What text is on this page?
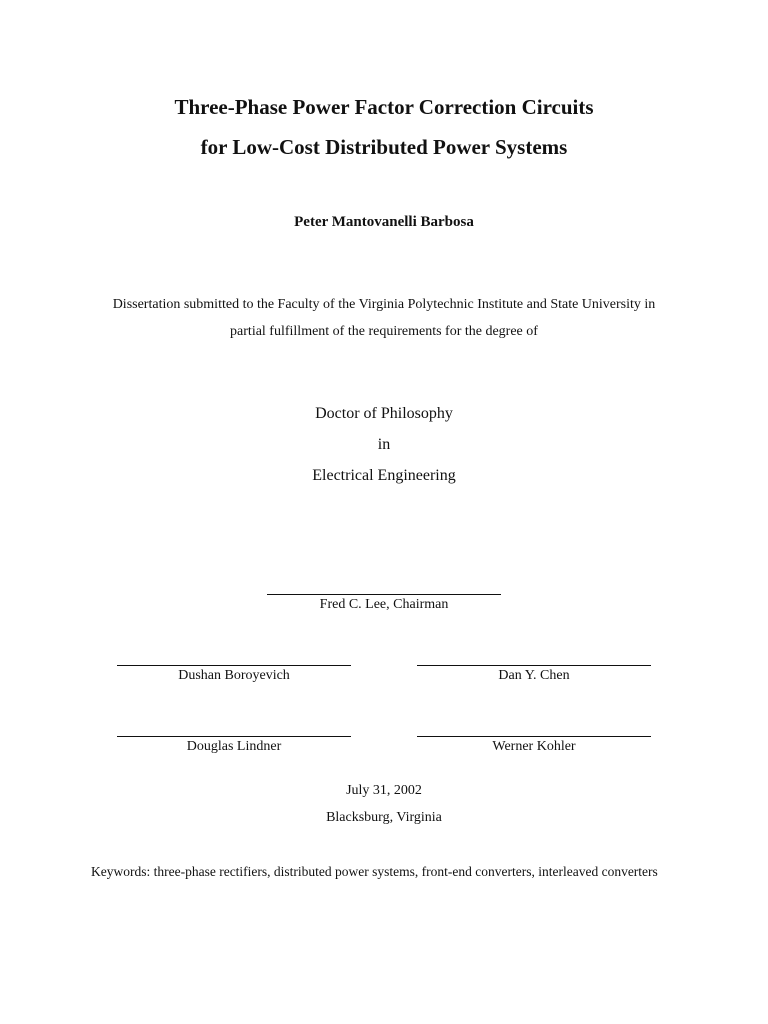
Three-Phase Power Factor Correction Circuits
for Low-Cost Distributed Power Systems
Peter Mantovanelli Barbosa
Dissertation submitted to the Faculty of the Virginia Polytechnic Institute and State University in
partial fulfillment of the requirements for the degree of
Doctor of Philosophy
in
Electrical Engineering
Fred C. Lee, Chairman
Dushan Boroyevich	Dan Y. Chen
Douglas Lindner	Werner Kohler
July 31, 2002
Blacksburg, Virginia
Keywords: three-phase rectifiers, distributed power systems, front-end converters, interleaved converters
